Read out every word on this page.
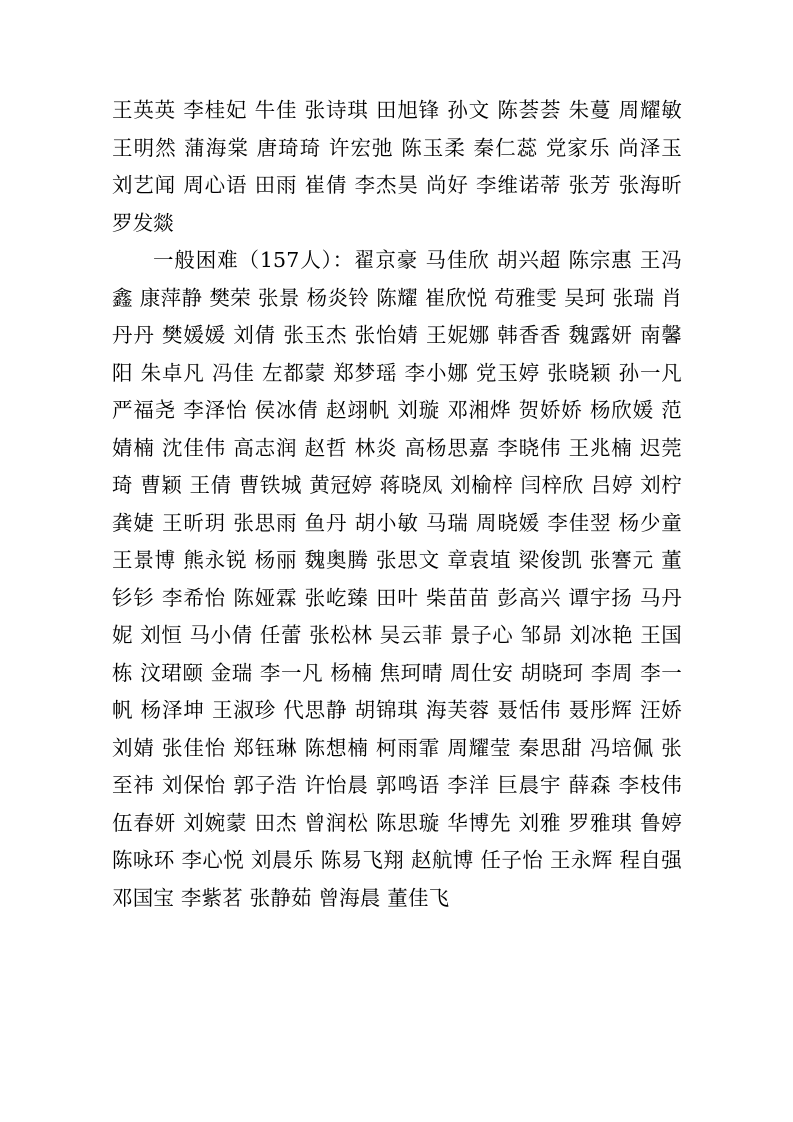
王英英 李桂妃 牛佳 张诗琪 田旭锋 孙文 陈荟荟 朱蔓 周耀敏 王明然 蒲海棠 唐琦琦 许宏弛 陈玉柔 秦仁蕊 党家乐 尚泽玉 刘艺闻 周心语 田雨 崔倩 李杰昊 尚好 李维诺蒂 张芳 张海昕 罗发燚

一般困难（157人）：翟京豪 马佳欣 胡兴超 陈宗惠 王冯鑫 康萍静 樊荣 张景 杨炎铃 陈耀 崔欣悦 苟雅雯 吴珂 张瑞 肖丹丹 樊媛媛 刘倩 张玉杰 张怡婧 王妮娜 韩香香 魏露妍 南馨阳 朱卓凡 冯佳 左都蒙 郑梦瑶 李小娜 党玉婷 张晓颖 孙一凡 严福尧 李泽怡 侯冰倩 赵翊帆 刘璇 邓湘烨 贺娇娇 杨欣媛 范婧楠 沈佳伟 高志润 赵哲 林炎 高杨思嘉 李晓伟 王兆楠 迟莞琦 曹颖 王倩 曹铁城 黄冠婷 蒋晓凤 刘榆梓 闫梓欣 吕婷 刘柠 龚婕 王昕玥 张思雨 鱼丹 胡小敏 马瑞 周晓媛 李佳翌 杨少童 王景博 熊永锐 杨丽 魏奥腾 张思文 章袁埴 梁俊凯 张謇元 董钐钐 李希怡 陈娅霖 张屹臻 田叶 柴苗苗 彭高兴 谭宇扬 马丹妮 刘恒 马小倩 任蕾 张松林 吴云菲 景子心 邹昴 刘冰艳 王国栋 汶珺颐 金瑞 李一凡 杨楠 焦珂晴 周仕安 胡晓珂 李周 李一帆 杨泽坤 王淑珍 代思静 胡锦琪 海芙蓉 聂恬伟 聂彤辉 汪娇 刘婧 张佳怡 郑钰琳 陈想楠 柯雨霏 周耀莹 秦思甜 冯培佩 张至祎 刘保怡 郭子浩 许怡晨 郭鸣语 李洋 巨晨宇 薛森 李枝伟 伍春妍 刘婉蒙 田杰 曾润松 陈思璇 华博先 刘雅 罗雅琪 鲁婷 陈咏环 李心悦 刘晨乐 陈易飞翔 赵航博 任子怡 王永辉 程自强 邓国宝 李紫茗 张静茹 曾海晨 董佳飞
